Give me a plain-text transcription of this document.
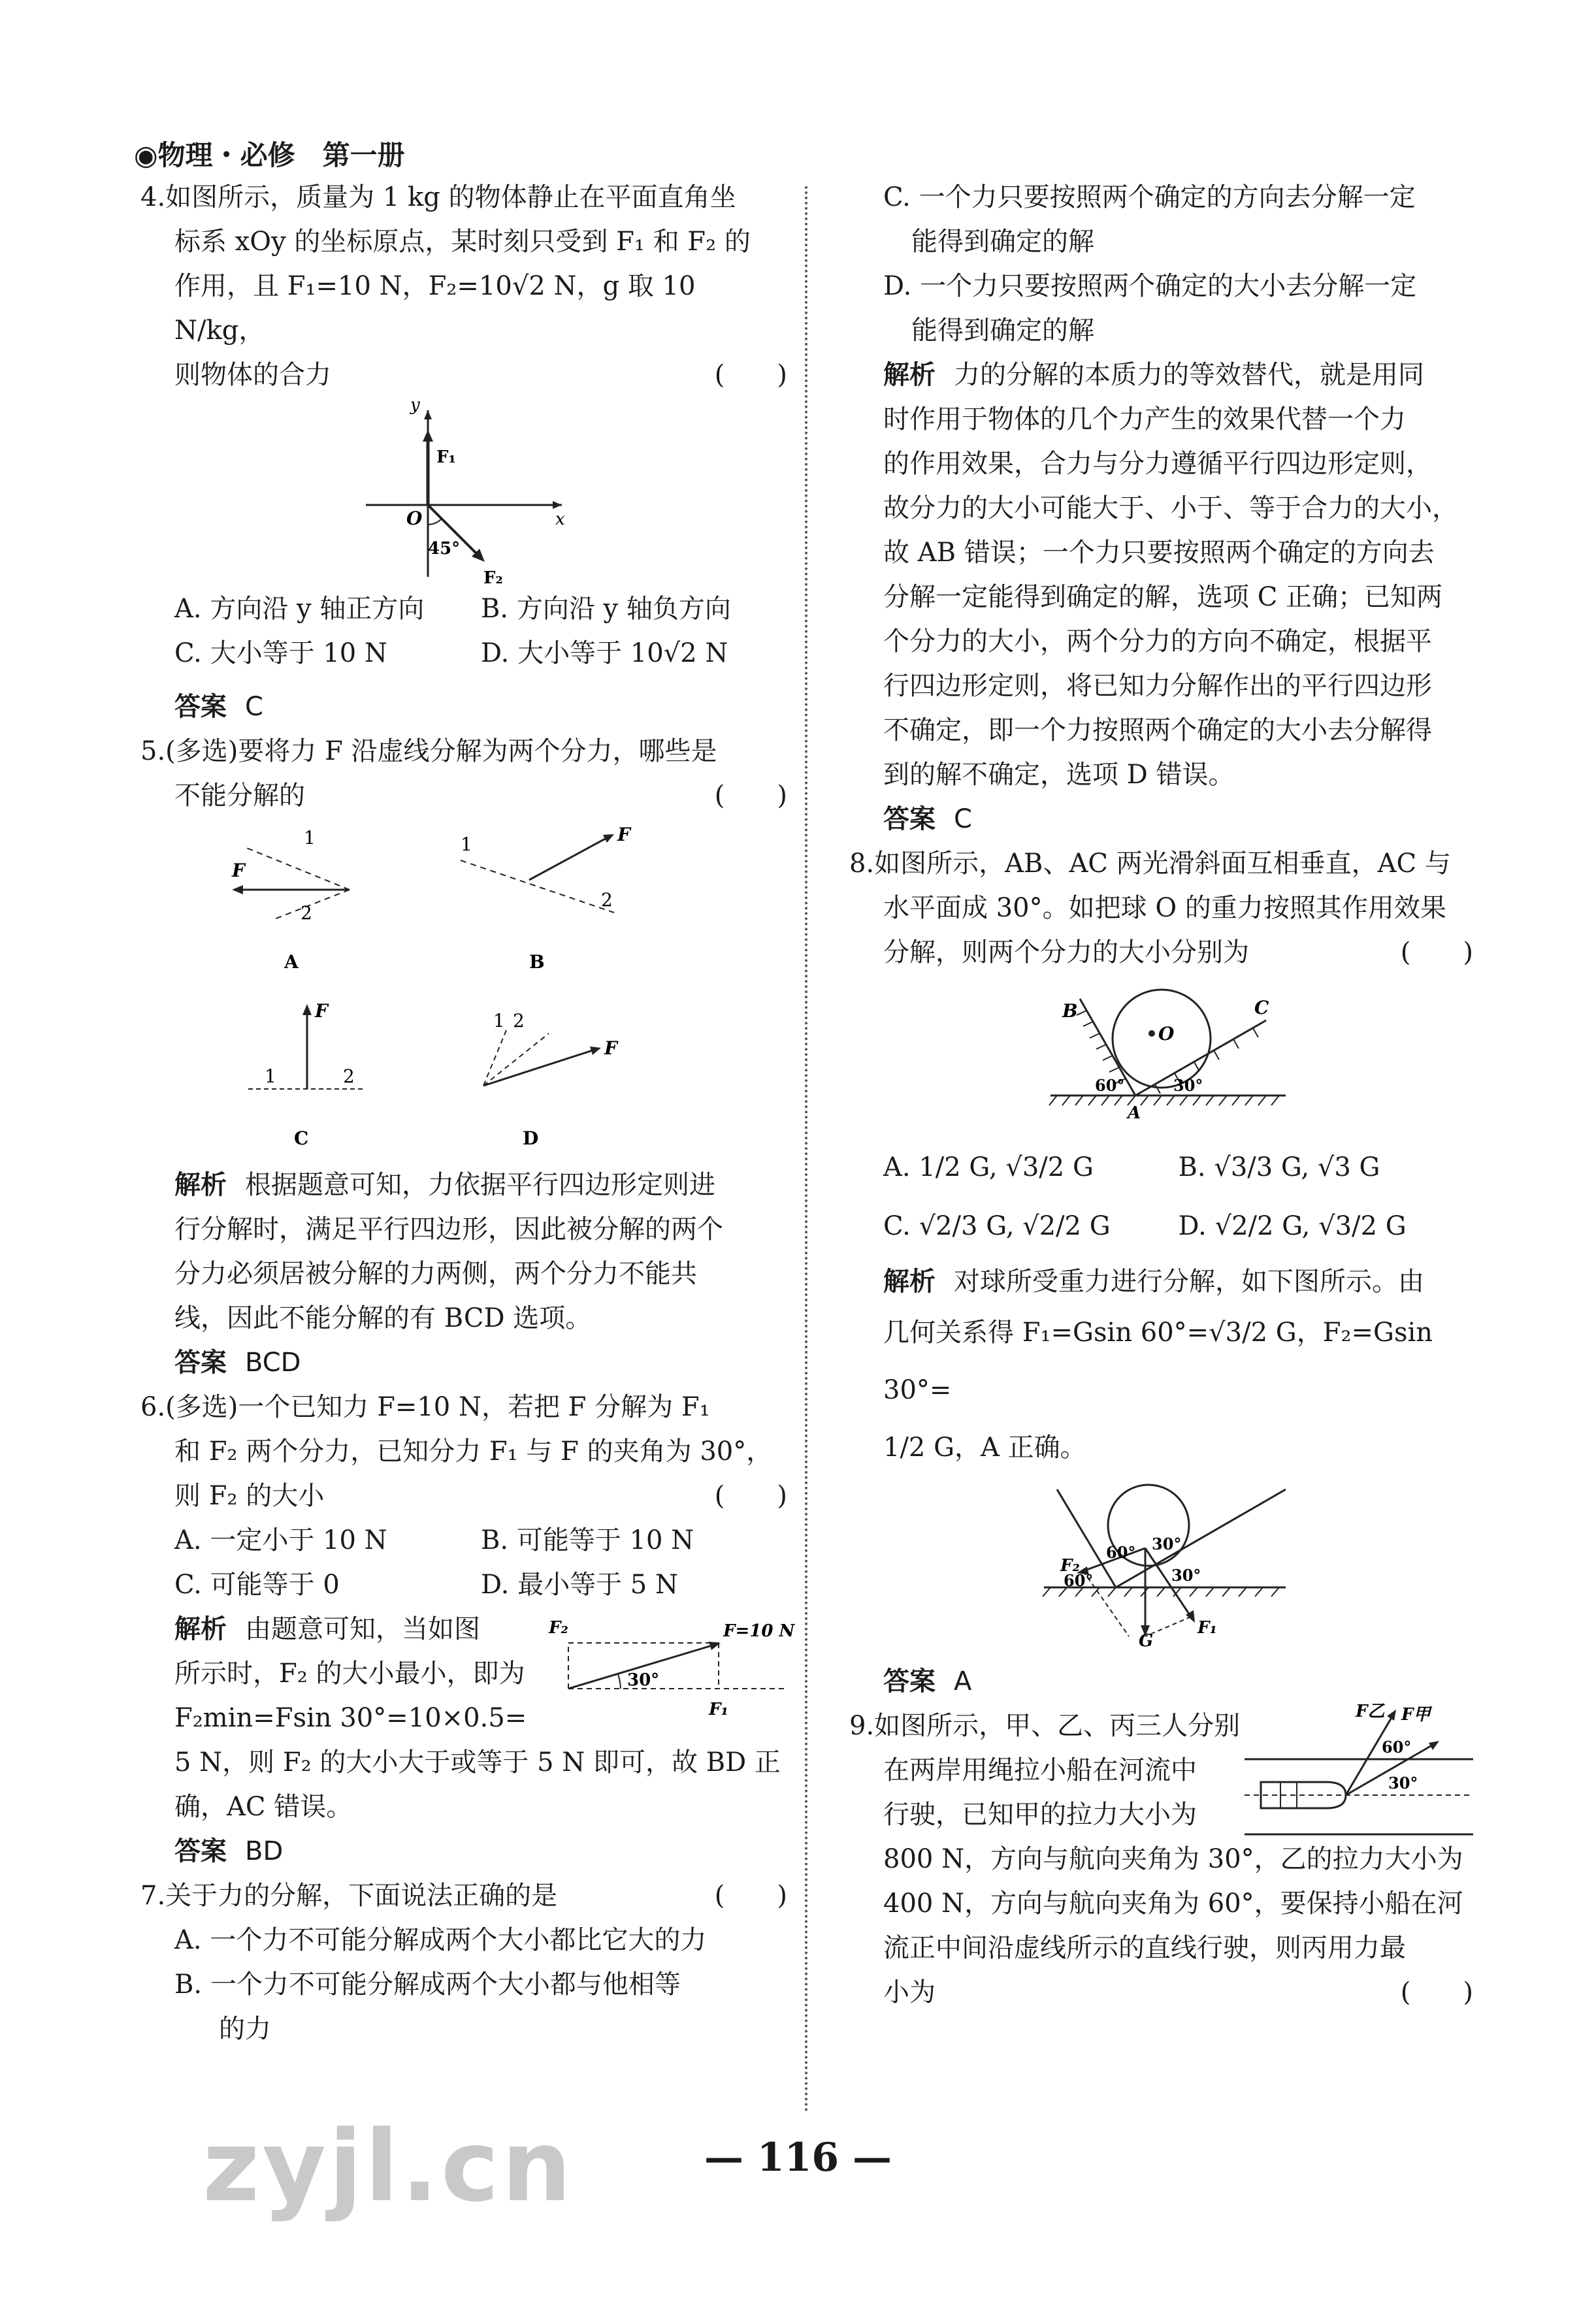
◉物理・必修　第一册

4.如图所示，质量为 1 kg 的物体静止在平面直角坐

标系 xOy 的坐标原点，某时刻只受到 F₁ 和 F₂ 的

作用，且 F₁=10 N，F₂=10√2 N，g 取 10 N/kg，

则物体的合力	(　　)

y
x
O
F₁
F₂
45°
A. 方向沿 y 轴正方向	B. 方向沿 y 轴负方向
C. 大小等于 10 N	D. 大小等于 10√2 N

答案 C

5.(多选)要将力 F 沿虚线分解为两个分力，哪些是

不能分解的	(　　)

F
1
2
A
F
1
2
B
F
1	2
C
F
1 2
D

解析 根据题意可知，力依据平行四边形定则进

行分解时，满足平行四边形，因此被分解的两个

分力必须居被分解的力两侧，两个分力不能共

线，因此不能分解的有 BCD 选项。

答案 BCD

6.(多选)一个已知力 F=10 N，若把 F 分解为 F₁

和 F₂ 两个分力，已知分力 F₁ 与 F 的夹角为 30°，

则 F₂ 的大小	(　　)

A. 一定小于 10 N	B. 可能等于 10 N
C. 可能等于 0	D. 最小等于 5 N

解析 由题意可知，当如图

所示时，F₂ 的大小最小，即为

F₂min=Fsin 30°=10×0.5=

F₂	F=10 N
30°
F₁

5 N，则 F₂ 的大小大于或等于 5 N 即可，故 BD 正

确，AC 错误。

答案 BD

7.关于力的分解，下面说法正确的是	(　　)

A. 一个力不可能分解成两个大小都比它大的力

B. 一个力不可能分解成两个大小都与他相等

的力

C. 一个力只要按照两个确定的方向去分解一定

能得到确定的解

D. 一个力只要按照两个确定的大小去分解一定

能得到确定的解

解析 力的分解的本质力的等效替代，就是用同

时作用于物体的几个力产生的效果代替一个力

的作用效果，合力与分力遵循平行四边形定则，

故分力的大小可能大于、小于、等于合力的大小，

故 AB 错误；一个力只要按照两个确定的方向去

分解一定能得到确定的解，选项 C 正确；已知两

个分力的大小，两个分力的方向不确定，根据平

行四边形定则，将已知力分解作出的平行四边形

不确定，即一个力按照两个确定的大小去分解得

到的解不确定，选项 D 错误。

答案 C

8.如图所示，AB、AC 两光滑斜面互相垂直，AC 与

水平面成 30°。如把球 O 的重力按照其作用效果

分解，则两个分力的大小分别为	(　　)

O
B	C
A
60°	30°
A. 1/2 G, √3/2 G	B. √3/3 G, √3 G
C. √2/3 G, √2/2 G	D. √2/2 G, √3/2 G

解析 对球所受重力进行分解，如下图所示。由

几何关系得 F₁=Gsin 60°=√3/2 G，F₂=Gsin 30°=

1/2 G，A 正确。

F₂
F₁
G
60°
60°
30°
30°

答案 A

9.如图所示，甲、乙、丙三人分别

在两岸用绳拉小船在河流中

行驶，已知甲的拉力大小为

F乙 F甲
60°
30°

800 N，方向与航向夹角为 30°，乙的拉力大小为

400 N，方向与航向夹角为 60°，要保持小船在河

流正中间沿虚线所示的直线行驶，则丙用力最

小为	(　　)

zyjl.cn	— 116 —
